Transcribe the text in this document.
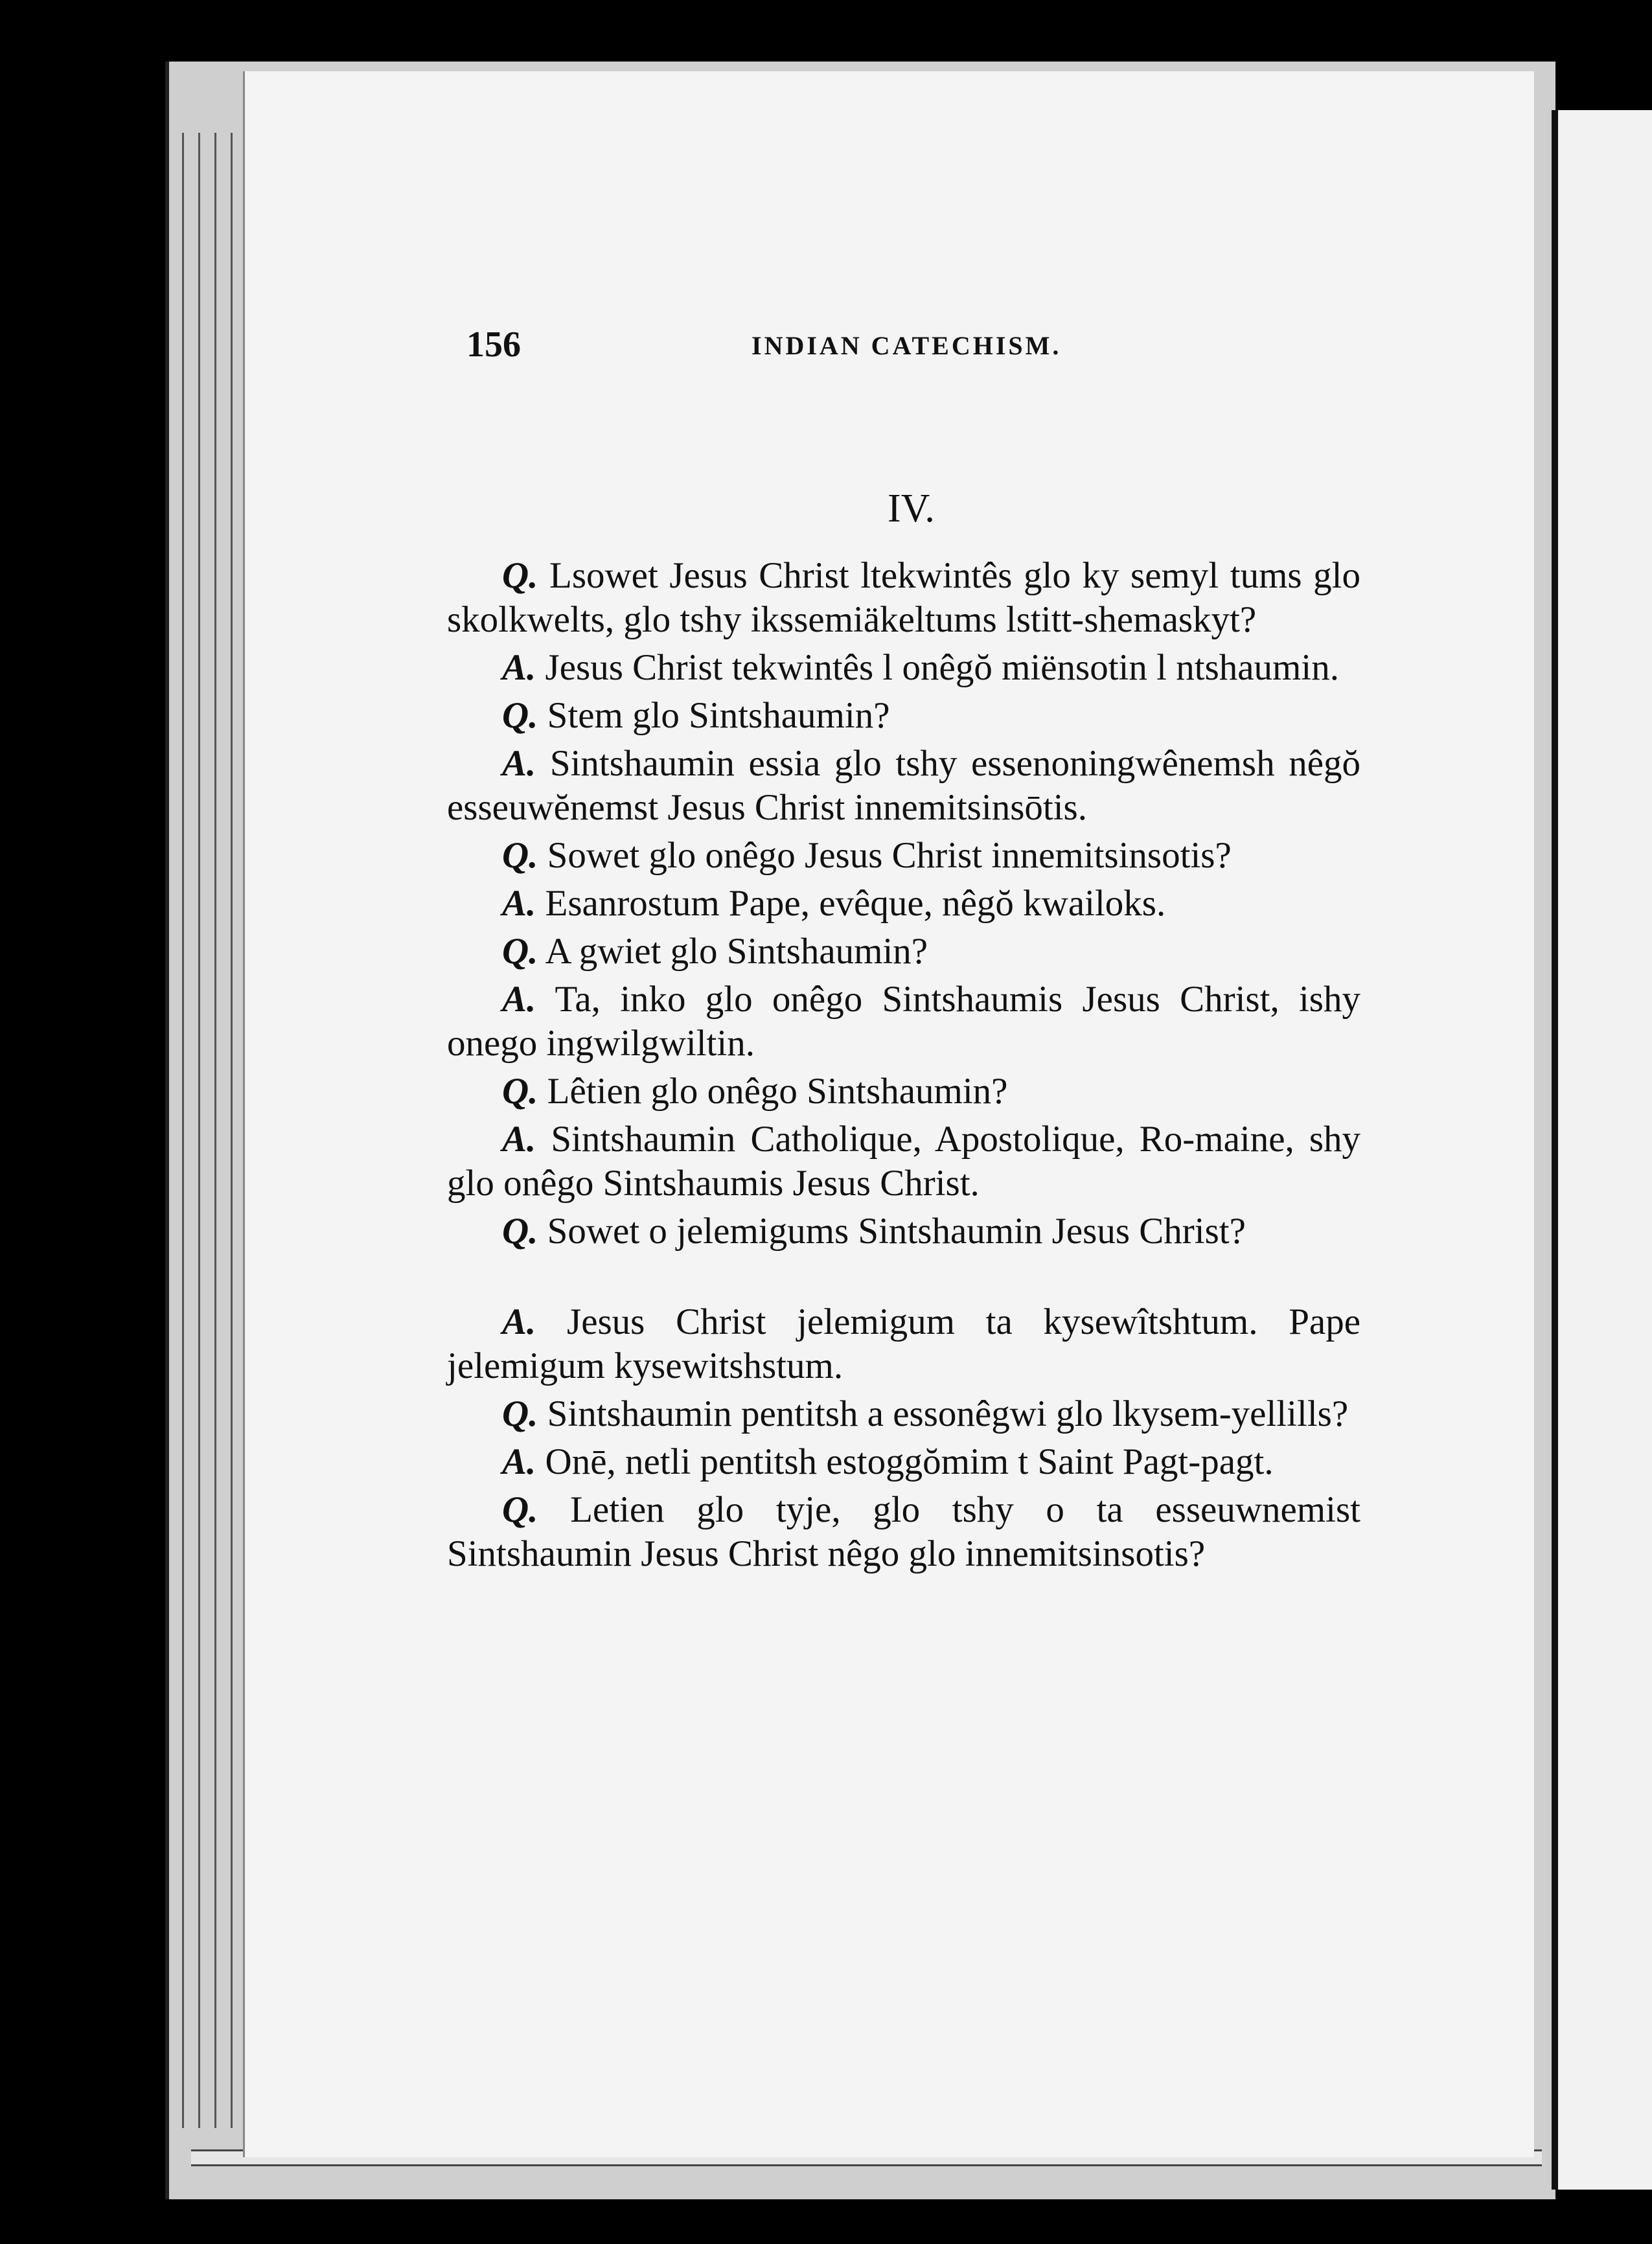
156	INDIAN CATECHISM.
IV.

Q. Lsowet Jesus Christ ltekwintês glo ky semyl tums glo skolkwelts, glo tshy ikssemiäkeltums lstitt-shemaskyt?

A. Jesus Christ tekwintês l onêgŏ miënsotin l ntshaumin.

Q. Stem glo Sintshaumin?

A. Sintshaumin essia glo tshy essenoningwênemsh nêgŏ esseuwĕnemst Jesus Christ innemitsinsōtis.

Q. Sowet glo onêgo Jesus Christ innemitsinsotis?

A. Esanrostum Pape, evêque, nêgŏ kwailoks.

Q. A gwiet glo Sintshaumin?

A. Ta, inko glo onêgo Sintshaumis Jesus Christ, ishy onego ingwilgwiltin.

Q. Lêtien glo onêgo Sintshaumin?

A. Sintshaumin Catholique, Apostolique, Ro-maine, shy glo onêgo Sintshaumis Jesus Christ.

Q. Sowet o jelemigums Sintshaumin Jesus Christ?

A. Jesus Christ jelemigum ta kysewîtshtum. Pape jelemigum kysewitshstum.

Q. Sintshaumin pentitsh a essonêgwi glo lkysem-yellills?

A. Onē, netli pentitsh estoggŏmim t Saint Pagt-pagt.

Q. Letien glo tyje, glo tshy o ta esseuwnemist Sintshaumin Jesus Christ nêgo glo innemitsinsotis?
